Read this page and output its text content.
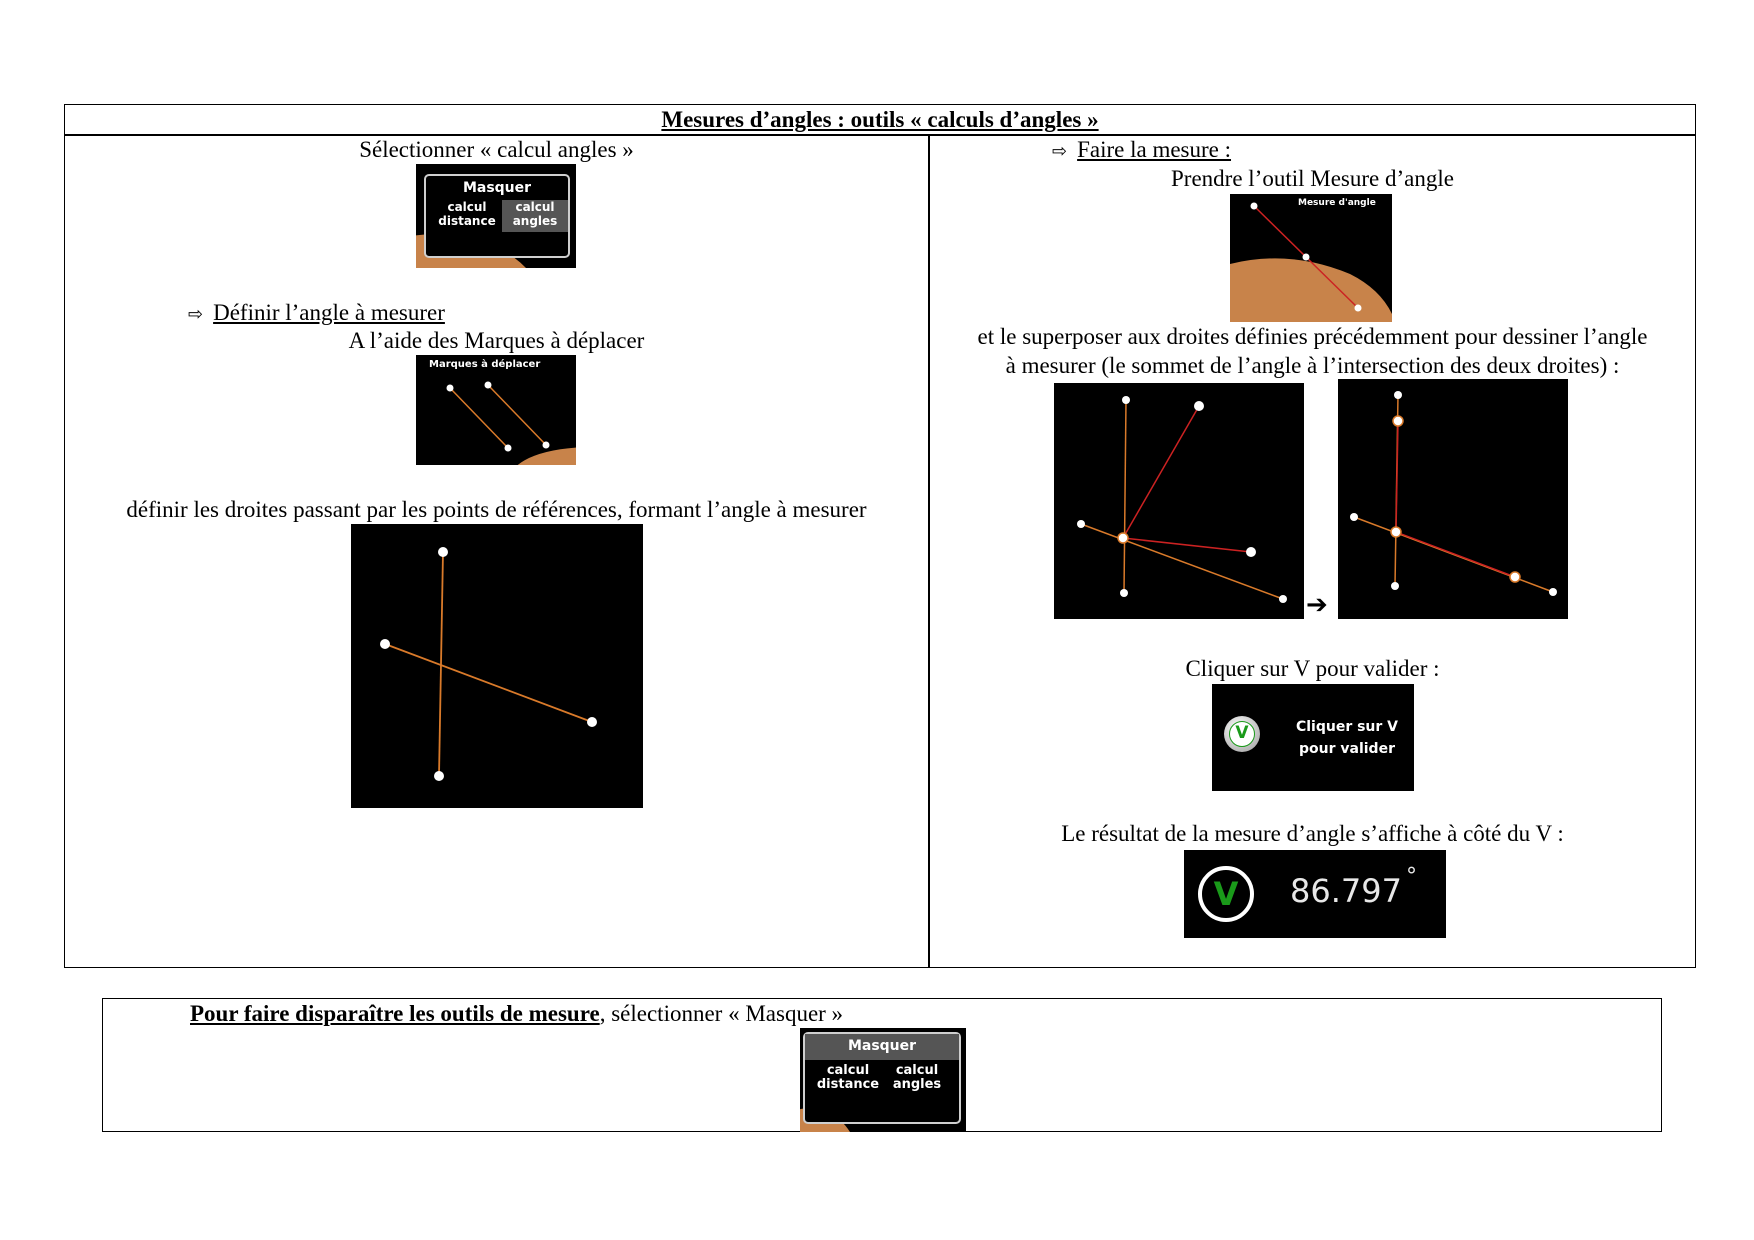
Mesures d’angles : outils « calculs d’angles »
Sélectionner « calcul angles »
Masquer
calcul
distance
calcul
angles
⇨ Définir l’angle à mesurer
A l’aide des Marques à déplacer
Marques à déplacer
définir les droites passant par les points de références, formant l’angle à mesurer
⇨ Faire la mesure :
Prendre l’outil Mesure d’angle
Mesure d'angle
et le superposer aux droites définies précédemment pour dessiner l’angle
à mesurer (le sommet de l’angle à l’intersection des deux droites) :
➔
Cliquer sur V pour valider :
V	Cliquer sur V
pour valider
Le résultat de la mesure d’angle s’affiche à côté du V :
V	86.797 °
Pour faire disparaître les outils de mesure, sélectionner « Masquer »
Masquer
calcul
distance
calcul
angles
